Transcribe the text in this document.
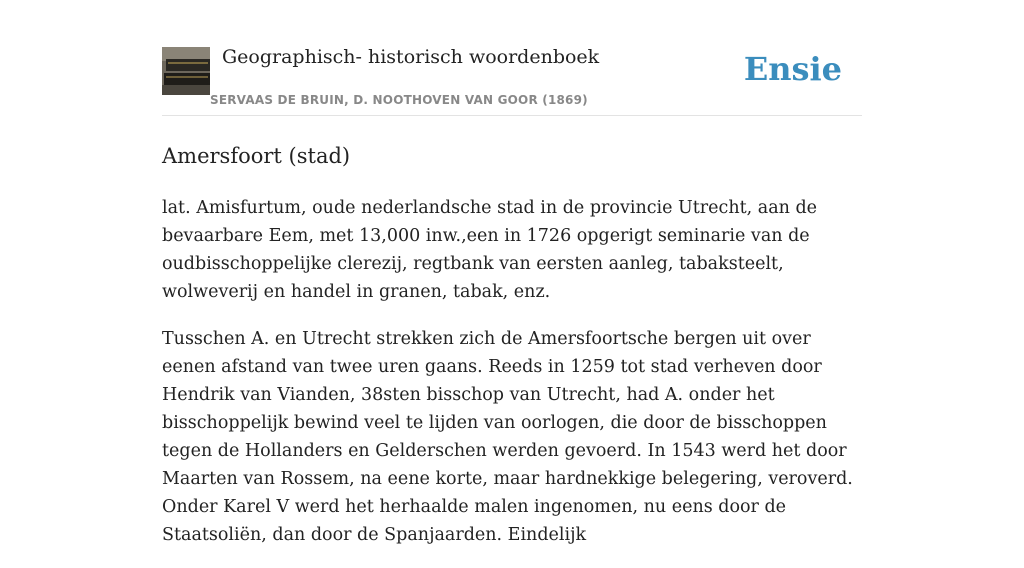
Geographisch- historisch woordenboek
SERVAAS DE BRUIN, D. NOOTHOVEN VAN GOOR (1869)
Ensie
Amersfoort (stad)

lat. Amisfurtum, oude nederlandsche stad in de provincie Utrecht, aan de bevaarbare Eem, met 13,000 inw.,een in 1726 opgerigt seminarie van de oudbisschoppelijke clerezij, regtbank van eersten aanleg, tabaksteelt, wolweverij en handel in granen, tabak, enz.

Tusschen A. en Utrecht strekken zich de Amersfoortsche bergen uit over eenen afstand van twee uren gaans. Reeds in 1259 tot stad verheven door Hendrik van Vianden, 38sten bisschop van Utrecht, had A. onder het bisschoppelijk bewind veel te lijden van oorlogen, die door de bisschoppen tegen de Hollanders en Gelderschen werden gevoerd. In 1543 werd het door Maarten van Rossem, na eene korte, maar hardnekkige belegering, veroverd. Onder Karel V werd het herhaalde malen ingenomen, nu eens door de Staatsoliën, dan door de Spanjaarden. Eindelijk
